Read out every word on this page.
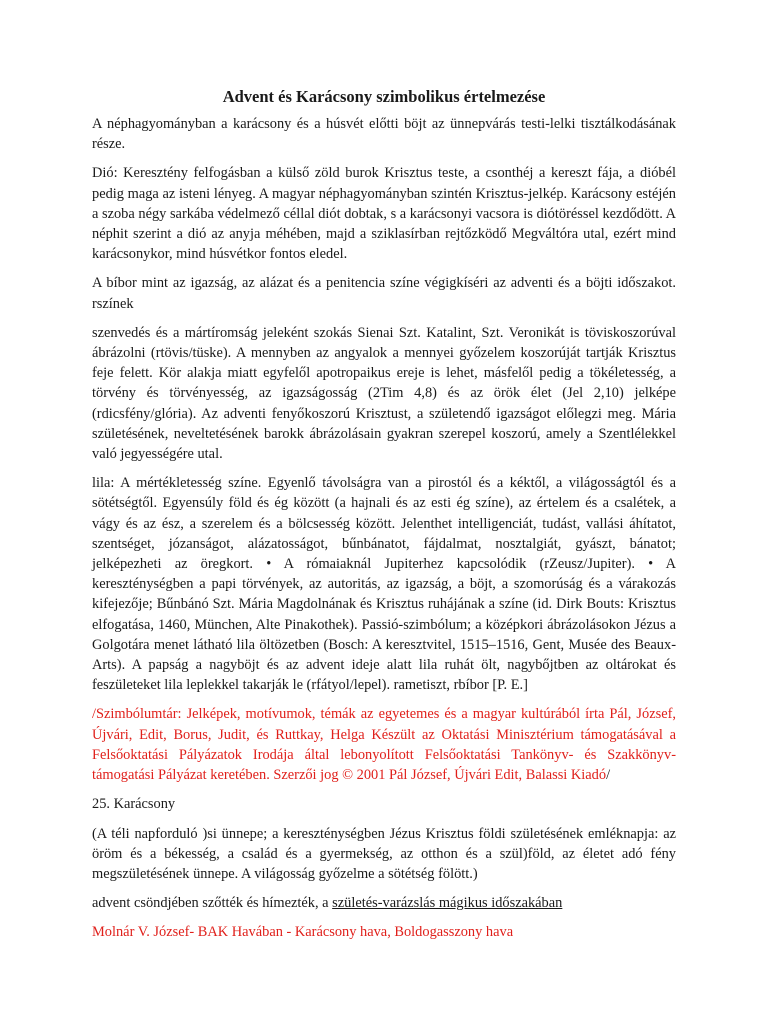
Advent és Karácsony szimbolikus értelmezése

A néphagyományban a karácsony és a húsvét előtti böjt az ünnepvárás testi-lelki tisztálkodásának része.

Dió: Keresztény felfogásban a külső zöld burok Krisztus teste, a csonthéj a kereszt fája, a dióbél pedig maga az isteni lényeg. A magyar néphagyományban szintén Krisztus-jelkép. Karácsony estéjén a szoba négy sarkába védelmező céllal diót dobtak, s a karácsonyi vacsora is diótöréssel kezdődött. A néphit szerint a dió az anyja méhében, majd a sziklasírban rejtőzködő Megváltóra utal, ezért mind karácsonykor, mind húsvétkor fontos eledel.

A bíbor mint az igazság, az alázat és a penitencia színe végigkíséri az adventi és a böjti időszakot. rszínek

szenvedés és a mártíromság jeleként szokás Sienai Szt. Katalint, Szt. Veronikát is töviskoszorúval ábrázolni (rtövis/tüske). A mennyben az angyalok a mennyei győzelem koszorúját tartják Krisztus feje felett. Kör alakja miatt egyfelől apotropaikus ereje is lehet, másfelől pedig a tökéletesség, a törvény és törvényesség, az igazságosság (2Tim 4,8) és az örök élet (Jel 2,10) jelképe (rdicsfény/glória). Az adventi fenyőkoszorú Krisztust, a születendő igazságot előlegzi meg. Mária születésének, neveltetésének barokk ábrázolásain gyakran szerepel koszorú, amely a Szentlélekkel való jegyességére utal.

lila: A mértékletesség színe. Egyenlő távolságra van a pirostól és a kéktől, a világosságtól és a sötétségtől. Egyensúly föld és ég között (a hajnali és az esti ég színe), az értelem és a csalétek, a vágy és az ész, a szerelem és a bölcsesség között. Jelenthet intelligenciát, tudást, vallási áhítatot, szentséget, józanságot, alázatosságot, bűnbánatot, fájdalmat, nosztalgiát, gyászt, bánatot; jelképezheti az öregkort. • A rómaiaknál Jupiterhez kapcsolódik (rZeusz/Jupiter). • A kereszténységben a papi törvények, az autoritás, az igazság, a böjt, a szomorúság és a várakozás kifejezője; Bűnbánó Szt. Mária Magdolnának és Krisztus ruhájának a színe (id. Dirk Bouts: Krisztus elfogatása, 1460, München, Alte Pinakothek). Passió-szimbólum; a középkori ábrázolásokon Jézus a Golgotára menet látható lila öltözetben (Bosch: A keresztvitel, 1515–1516, Gent, Musée des Beaux-Arts). A papság a nagyböjt és az advent ideje alatt lila ruhát ölt, nagybőjtben az oltárokat és feszületeket lila leplekkel takarják le (rfátyol/lepel). rametiszt, rbíbor [P. E.]

/Szimbólumtár: Jelképek, motívumok, témák az egyetemes és a magyar kultúrából írta Pál, József, Újvári, Edit, Borus, Judit, és Ruttkay, Helga Készült az Oktatási Minisztérium támogatásával a Felsőoktatási Pályázatok Irodája által lebonyolított Felsőoktatási Tankönyv- és Szakkönyv-támogatási Pályázat keretében. Szerzői jog © 2001 Pál József, Újvári Edit, Balassi Kiadó/

25. Karácsony

(A téli napforduló )si ünnepe; a kereszténységben Jézus Krisztus földi születésének emléknapja: az öröm és a békesség, a család és a gyermekség, az otthon és a szül)föld, az életet adó fény megszületésének ünnepe. A világosság győzelme a sötétség fölött.)

advent csöndjében szőtték és hímezték, a születés-varázslás mágikus időszakában

Molnár V. József- BAK Havában - Karácsony hava, Boldogasszony hava
